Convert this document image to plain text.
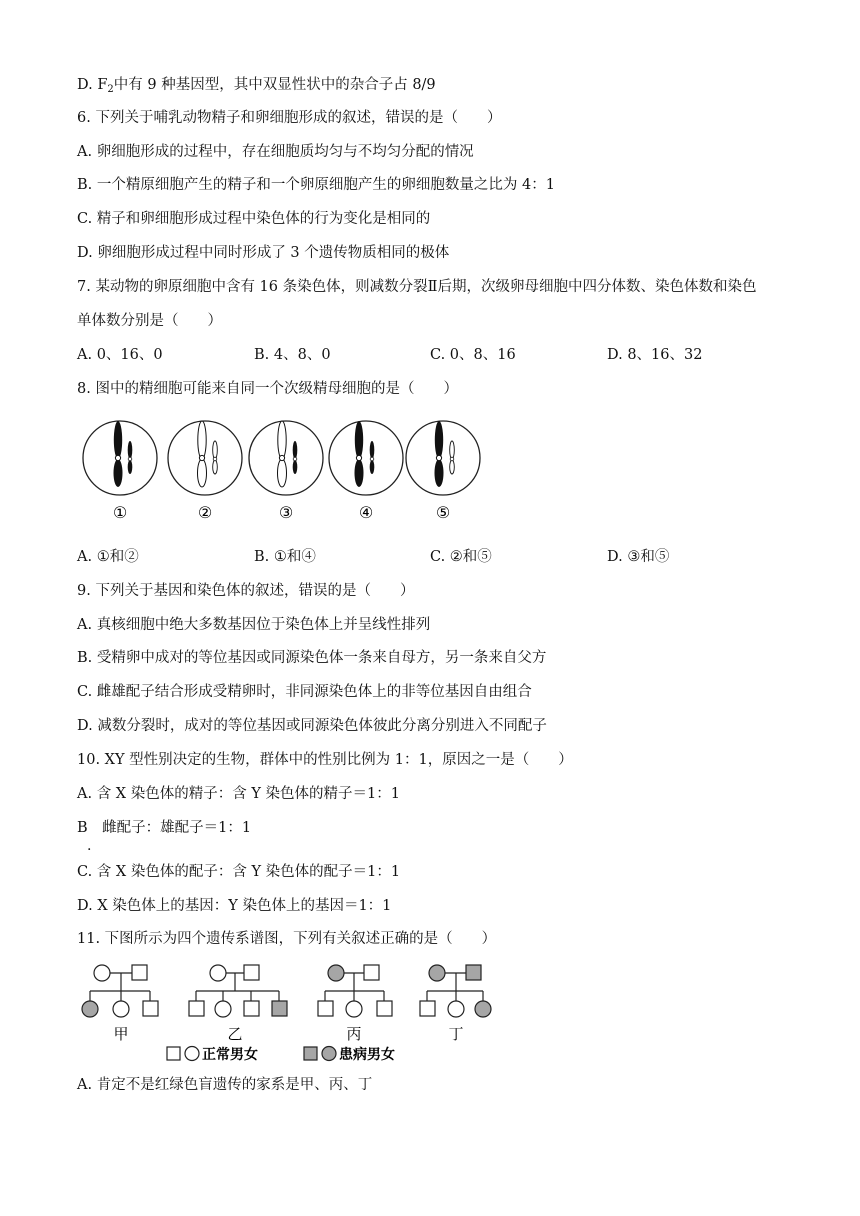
D. $F_2$中有 9 种基因型，其中双显性状中的杂合子占 8/9
6. 下列关于哺乳动物精子和卵细胞形成的叙述，错误的是（　　）
A. 卵细胞形成的过程中，存在细胞质均匀与不均匀分配的情况
B. 一个精原细胞产生的精子和一个卵原细胞产生的卵细胞数量之比为 4：1
C. 精子和卵细胞形成过程中染色体的行为变化是相同的
D. 卵细胞形成过程中同时形成了 3 个遗传物质相同的极体
7. 某动物的卵原细胞中含有 16 条染色体，则减数分裂Ⅱ后期，次级卵母细胞中四分体数、染色体数和染色
单体数分别是（　　）
A. 0、16、0	B. 4、8、0	C. 0、8、16	D. 8、16、32
8. 图中的精细胞可能来自同一个次级精母细胞的是（　　）
①	②	③	④	⑤
A. ①和②	B. ①和④	C. ②和⑤	D. ③和⑤
9. 下列关于基因和染色体的叙述，错误的是（　　）
A. 真核细胞中绝大多数基因位于染色体上并呈线性排列
B. 受精卵中成对的等位基因或同源染色体一条来自母方，另一条来自父方
C. 雌雄配子结合形成受精卵时，非同源染色体上的非等位基因自由组合
D. 减数分裂时，成对的等位基因或同源染色体彼此分离分别进入不同配子
10. XY 型性别决定的生物，群体中的性别比例为 1：1，原因之一是（　　）
A. 含 X 染色体的精子：含 Y 染色体的精子＝1：1
B　雌配子：雄配子＝1：1
.
C. 含 X 染色体的配子：含 Y 染色体的配子＝1：1
D. X 染色体上的基因：Y 染色体上的基因＝1：1
11. 下图所示为四个遗传系谱图，下列有关叙述正确的是（　　）
甲	乙	丙	丁
正常男女	患病男女
A. 肯定不是红绿色盲遗传的家系是甲、丙、丁
